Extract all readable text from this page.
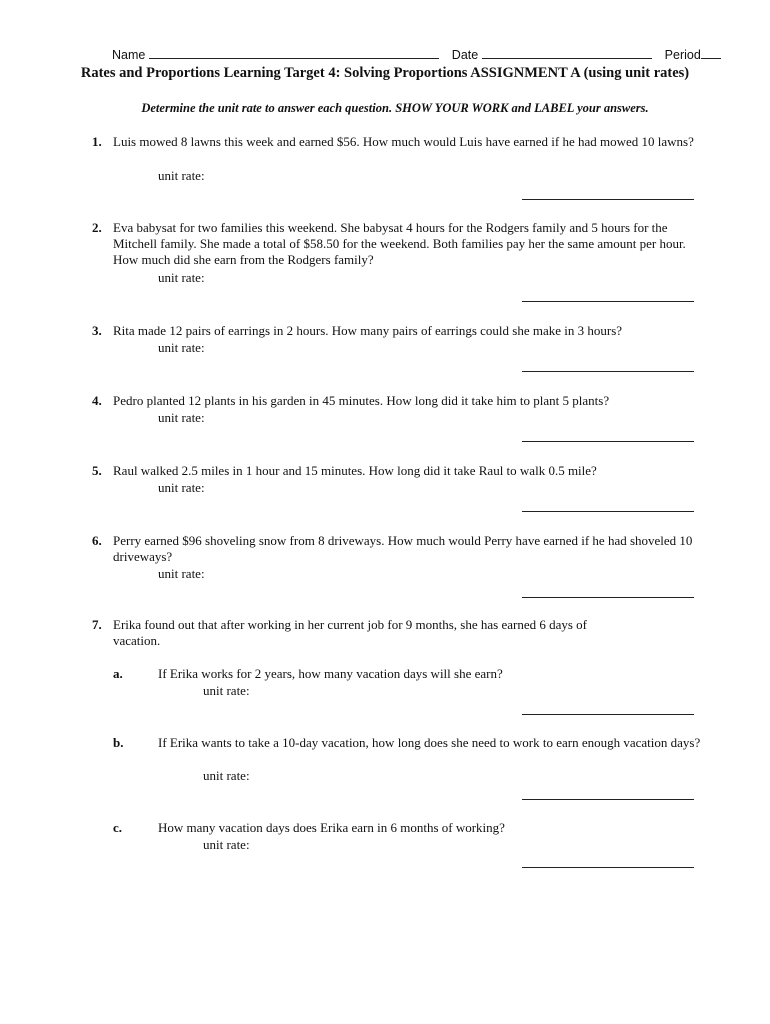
Name	Date	Period
Rates and Proportions Learning Target 4: Solving Proportions ASSIGNMENT A (using unit rates)
Determine the unit rate to answer each question. SHOW YOUR WORK and LABEL your answers.
1. Luis mowed 8 lawns this week and earned $56. How much would Luis have earned if he had mowed 10 lawns?
unit rate:
2. Eva babysat for two families this weekend. She babysat 4 hours for the Rodgers family and 5 hours for the Mitchell family. She made a total of $58.50 for the weekend. Both families pay her the same amount per hour. How much did she earn from the Rodgers family?
unit rate:
3. Rita made 12 pairs of earrings in 2 hours. How many pairs of earrings could she make in 3 hours?
unit rate:
4. Pedro planted 12 plants in his garden in 45 minutes. How long did it take him to plant 5 plants?
unit rate:
5. Raul walked 2.5 miles in 1 hour and 15 minutes. How long did it take Raul to walk 0.5 mile?
unit rate:
6. Perry earned $96 shoveling snow from 8 driveways. How much would Perry have earned if he had shoveled 10 driveways?
unit rate:
7. Erika found out that after working in her current job for 9 months, she has earned 6 days of vacation.
a.	If Erika works for 2 years, how many vacation days will she earn?
unit rate:
b.	If Erika wants to take a 10-day vacation, how long does she need to work to earn enough vacation days?
unit rate:
c.	How many vacation days does Erika earn in 6 months of working?
unit rate:
